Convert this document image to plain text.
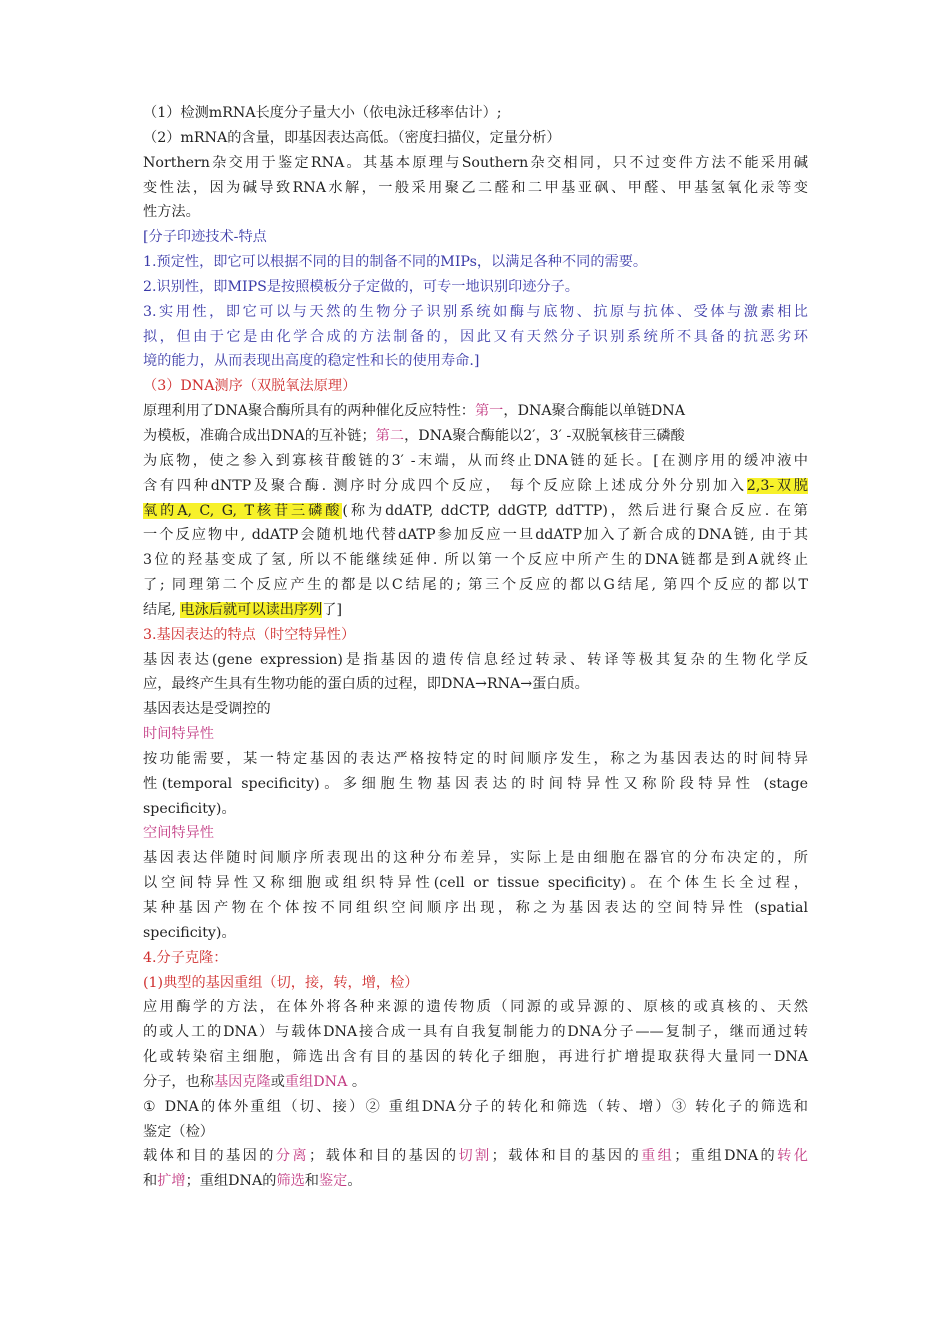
（1）检测mRNA长度分子量大小（依电泳迁移率估计）;
（2）mRNA的含量，即基因表达高低。（密度扫描仪，定量分析）
Northern杂交用于鉴定RNA。其基本原理与Southern杂交相同，只不过变件方法不能采用碱
变性法，因为碱导致RNA水解，一般采用聚乙二醛和二甲基亚砜、甲醛、甲基氢氧化汞等变
性方法。
[分子印迹技术-特点
1.预定性，即它可以根据不同的目的制备不同的MIPs，以满足各种不同的需要。
2.识别性，即MIPS是按照模板分子定做的，可专一地识别印迹分子。
3.实用性，即它可以与天然的生物分子识别系统如酶与底物、抗原与抗体、受体与激素相比
拟，但由于它是由化学合成的方法制备的，因此又有天然分子识别系统所不具备的抗恶劣环
境的能力，从而表现出高度的稳定性和长的使用寿命.]
（3）DNA测序（双脱氧法原理）
原理利用了DNA聚合酶所具有的两种催化反应特性：第一，DNA聚合酶能以单链DNA
为模板，准确合成出DNA的互补链；第二，DNA聚合酶能以2′，3′ -双脱氧核苷三磷酸
为底物，使之参入到寡核苷酸链的3′ -末端，从而终止DNA链的延长。[在测序用的缓冲液中
含有四种dNTP及聚合酶. 测序时分成四个反应， 每个反应除上述成分外分别加入2,3-双脱
氧的A, C, G, T核苷三磷酸(称为ddATP, ddCTP, ddGTP, ddTTP)，然后进行聚合反应. 在第
一个反应物中, ddATP会随机地代替dATP参加反应一旦ddATP加入了新合成的DNA链, 由于其
3位的羟基变成了氢, 所以不能继续延伸. 所以第一个反应中所产生的DNA链都是到A就终止
了; 同理第二个反应产生的都是以C结尾的; 第三个反应的都以G结尾, 第四个反应的都以T
结尾, 电泳后就可以读出序列了]
3.基因表达的特点（时空特异性）
基因表达(gene expression)是指基因的遗传信息经过转录、转译等极其复杂的生物化学反
应，最终产生具有生物功能的蛋白质的过程，即DNA→RNA→蛋白质。
基因表达是受调控的
时间特异性
按功能需要，某一特定基因的表达严格按特定的时间顺序发生，称之为基因表达的时间特异
性(temporal specificity)。多细胞生物基因表达的时间特异性又称阶段特异性 (stage
specificity)。
空间特异性
基因表达伴随时间顺序所表现出的这种分布差异，实际上是由细胞在器官的分布决定的，所
以空间特异性又称细胞或组织特异性(cell or tissue specificity)。在个体生长全过程，
某种基因产物在个体按不同组织空间顺序出现，称之为基因表达的空间特异性 (spatial
specificity)。
4.分子克隆：
(1)典型的基因重组（切，接，转，增，检）
应用酶学的方法，在体外将各种来源的遗传物质（同源的或异源的、原核的或真核的、天然
的或人工的DNA）与载体DNA接合成一具有自我复制能力的DNA分子——复制子，继而通过转
化或转染宿主细胞，筛选出含有目的基因的转化子细胞，再进行扩增提取获得大量同一DNA
分子，也称基因克隆或重组DNA 。
① DNA的体外重组（切、接）② 重组DNA分子的转化和筛选（转、增）③ 转化子的筛选和
鉴定（检）
载体和目的基因的分离；载体和目的基因的切割；载体和目的基因的重组；重组DNA的转化
和扩增；重组DNA的筛选和鉴定。
